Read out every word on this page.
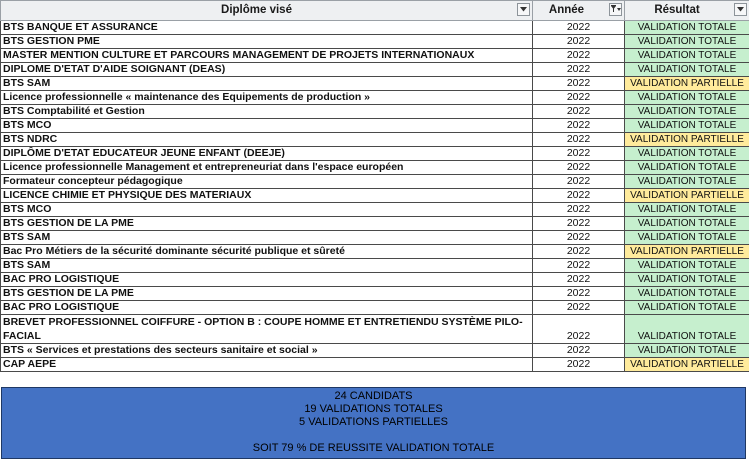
Diplôme visé	Année	Résultat

BTS BANQUE ET ASSURANCE	2022	VALIDATION TOTALE
BTS GESTION PME	2022	VALIDATION TOTALE
MASTER MENTION CULTURE ET PARCOURS MANAGEMENT DE PROJETS INTERNATIONAUX	2022	VALIDATION TOTALE
DIPLOME D'ETAT D'AIDE SOIGNANT (DEAS)	2022	VALIDATION TOTALE
BTS SAM	2022	VALIDATION PARTIELLE
Licence professionnelle « maintenance des Equipements de production »	2022	VALIDATION TOTALE
BTS Comptabilité et Gestion	2022	VALIDATION TOTALE
BTS MCO	2022	VALIDATION TOTALE
BTS NDRC	2022	VALIDATION PARTIELLE
DIPLÔME D'ETAT EDUCATEUR JEUNE ENFANT (DEEJE)	2022	VALIDATION TOTALE
Licence professionnelle Management et entrepreneuriat dans l'espace européen	2022	VALIDATION TOTALE
Formateur concepteur pédagogique	2022	VALIDATION TOTALE
LICENCE CHIMIE ET PHYSIQUE DES MATERIAUX	2022	VALIDATION PARTIELLE
BTS MCO	2022	VALIDATION TOTALE
BTS GESTION DE LA PME	2022	VALIDATION TOTALE
BTS SAM	2022	VALIDATION TOTALE
Bac Pro Métiers de la sécurité dominante sécurité publique et sûreté	2022	VALIDATION PARTIELLE
BTS SAM	2022	VALIDATION TOTALE
BAC PRO LOGISTIQUE	2022	VALIDATION TOTALE
BTS GESTION DE LA PME	2022	VALIDATION TOTALE
BAC PRO LOGISTIQUE	2022	VALIDATION TOTALE
BREVET PROFESSIONNEL COIFFURE - OPTION B : COUPE HOMME ET ENTRETIENDU SYSTÈME PILO-FACIAL	2022	VALIDATION TOTALE
BTS « Services et prestations des secteurs sanitaire et social »	2022	VALIDATION TOTALE
CAP AEPE	2022	VALIDATION PARTIELLE
24 CANDIDATS
19 VALIDATIONS TOTALES
5 VALIDATIONS PARTIELLES
SOIT 79 % DE REUSSITE VALIDATION TOTALE
